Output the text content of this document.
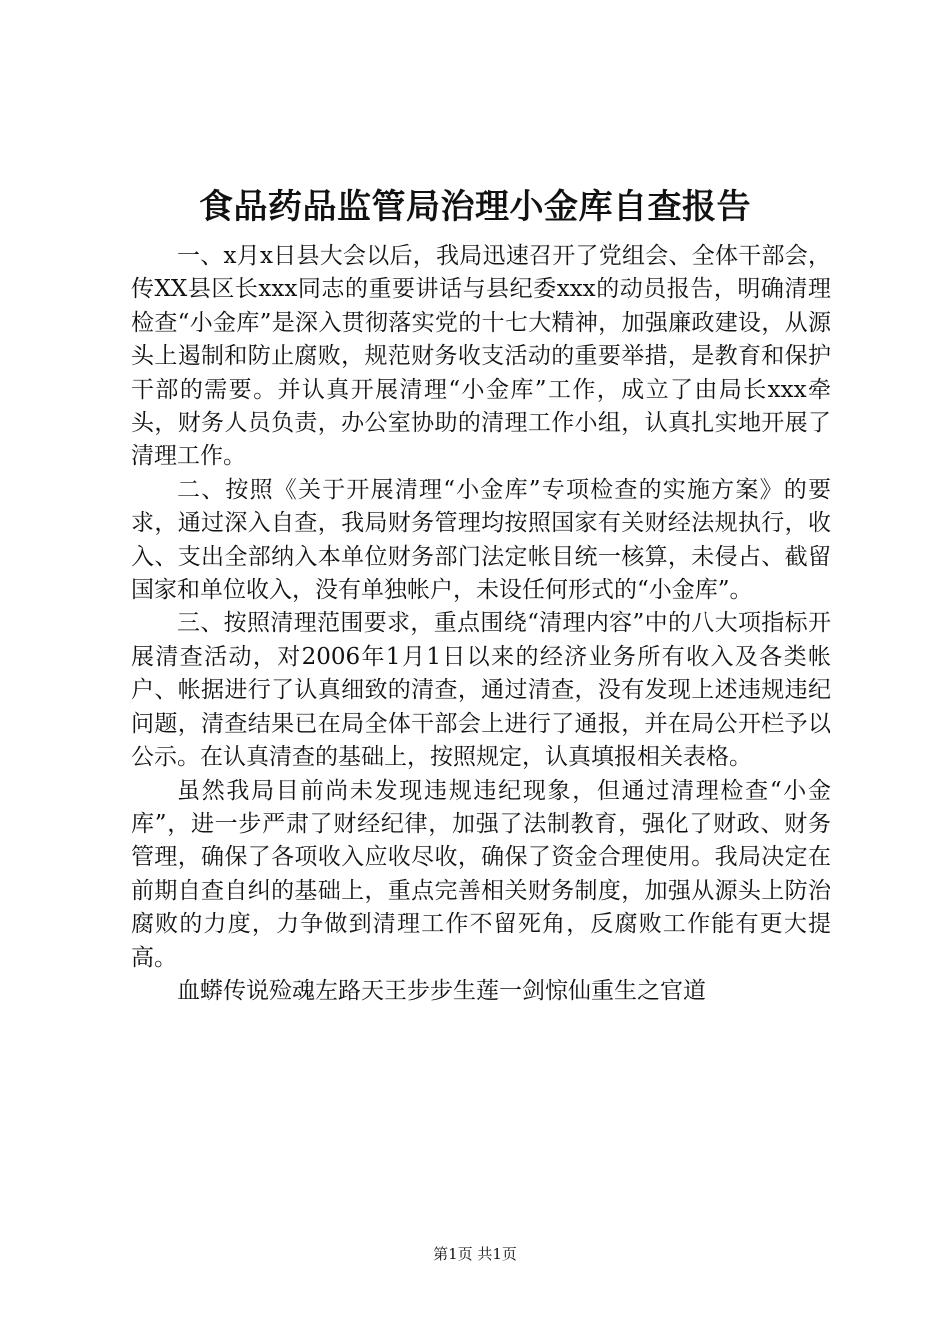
食品药品监管局治理小金库自查报告

一、x月x日县大会以后，我局迅速召开了党组会、全体干部会，传XX县区长xxx同志的重要讲话与县纪委xxx的动员报告，明确清理检查“小金库”是深入贯彻落实党的十七大精神，加强廉政建设，从源头上遏制和防止腐败，规范财务收支活动的重要举措，是教育和保护干部的需要。并认真开展清理“小金库”工作，成立了由局长xxx牵头，财务人员负责，办公室协助的清理工作小组，认真扎实地开展了清理工作。

二、按照《关于开展清理“小金库”专项检查的实施方案》的要求，通过深入自查，我局财务管理均按照国家有关财经法规执行，收入、支出全部纳入本单位财务部门法定帐目统一核算，未侵占、截留国家和单位收入，没有单独帐户，未设任何形式的“小金库”。

三、按照清理范围要求，重点围绕“清理内容”中的八大项指标开展清查活动，对2006年1月1日以来的经济业务所有收入及各类帐户、帐据进行了认真细致的清查，通过清查，没有发现上述违规违纪问题，清查结果已在局全体干部会上进行了通报，并在局公开栏予以公示。在认真清查的基础上，按照规定，认真填报相关表格。

虽然我局目前尚未发现违规违纪现象，但通过清理检查“小金库”，进一步严肃了财经纪律，加强了法制教育，强化了财政、财务管理，确保了各项收入应收尽收，确保了资金合理使用。我局决定在前期自查自纠的基础上，重点完善相关财务制度，加强从源头上防治腐败的力度，力争做到清理工作不留死角，反腐败工作能有更大提高。

血蟒传说殓魂左路天王步步生莲一剑惊仙重生之官道

第1页 共1页
